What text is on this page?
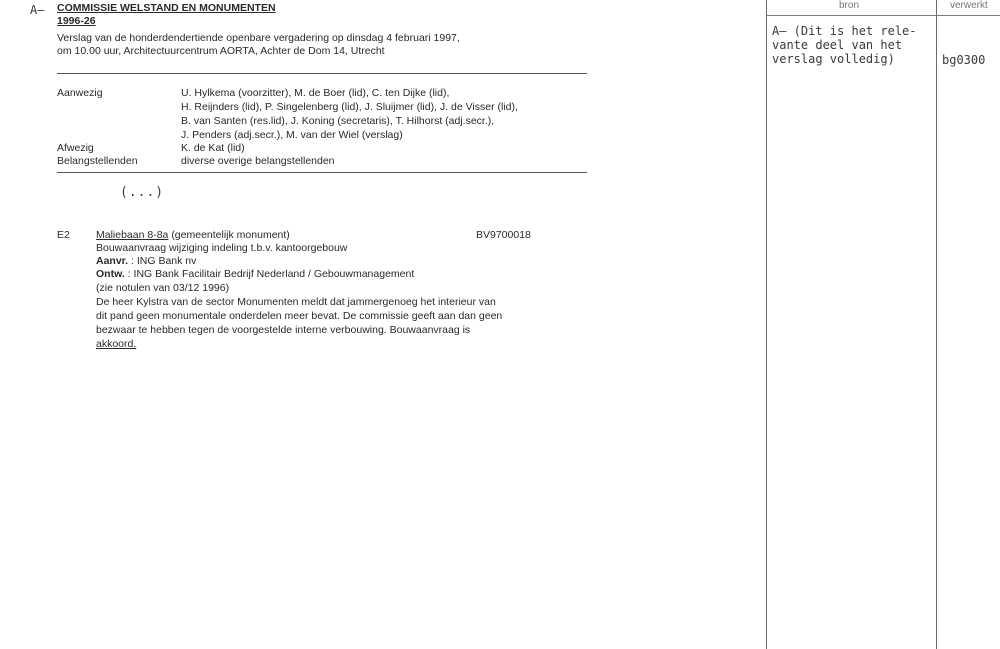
A– COMMISSIE WELSTAND EN MONUMENTEN
1996-26
Verslag van de honderdendertiende openbare vergadering op dinsdag 4 februari 1997,
om 10.00 uur, Architectuurcentrum AORTA, Achter de Dom 14, Utrecht
Aanwezig	U. Hylkema (voorzitter), M. de Boer (lid), C. ten Dijke (lid),
H. Reijnders (lid), P. Singelenberg (lid), J. Sluijmer (lid), J. de Visser (lid),
B. van Santen (res.lid), J. Koning (secretaris), T. Hilhorst (adj.secr.),
J. Penders (adj.secr.), M. van der Wiel (verslag)
Afwezig	K. de Kat (lid)
Belangstellenden	diverse overige belangstellenden
(...)
E2 Maliebaan 8-8a (gemeentelijk monument)	BV9700018
Bouwaanvraag wijziging indeling t.b.v. kantoorgebouw
Aanvr. : ING Bank nv
Ontw. : ING Bank Facilitair Bedrijf Nederland / Gebouwmanagement
(zie notulen van 03/12 1996)
De heer Kylstra van de sector Monumenten meldt dat jammergenoeg het interieur van
dit pand geen monumentale onderdelen meer bevat. De commissie geeft aan dan geen
bezwaar te hebben tegen de voorgestelde interne verbouwing. Bouwaanvraag is
akkoord.
bron	verwerkt
A– (Dit is het rele-
vante deel van het
verslag volledig)	bg0300
